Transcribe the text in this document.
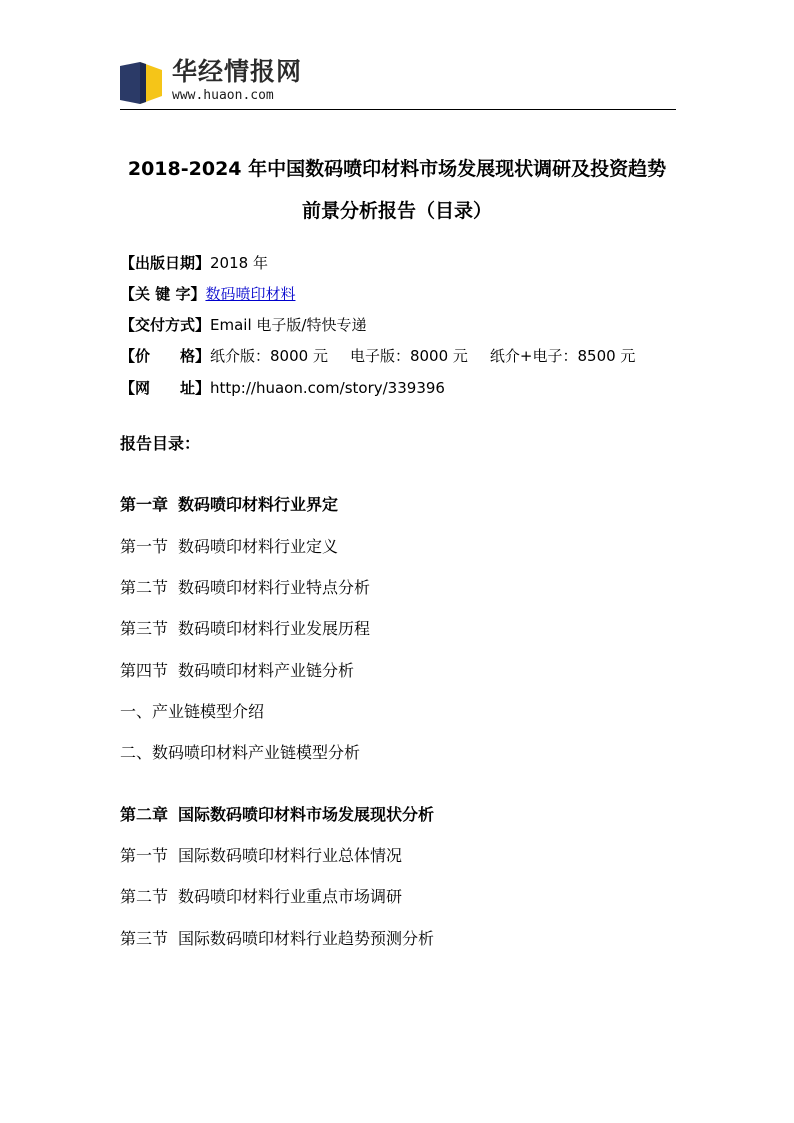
华经情报网
www.huaon.com
2018-2024 年中国数码喷印材料市场发展现状调研及投资趋势
前景分析报告（目录）
【出版日期】2018 年
【关 键 字】数码喷印材料
【交付方式】Email 电子版/特快专递
【价　　格】纸介版：8000 元 电子版：8000 元 纸介+电子：8500 元
【网　　址】http://huaon.com/story/339396
报告目录：
第一章 数码喷印材料行业界定
第一节 数码喷印材料行业定义
第二节 数码喷印材料行业特点分析
第三节 数码喷印材料行业发展历程
第四节 数码喷印材料产业链分析
一、产业链模型介绍
二、数码喷印材料产业链模型分析
第二章 国际数码喷印材料市场发展现状分析
第一节 国际数码喷印材料行业总体情况
第二节 数码喷印材料行业重点市场调研
第三节 国际数码喷印材料行业趋势预测分析
